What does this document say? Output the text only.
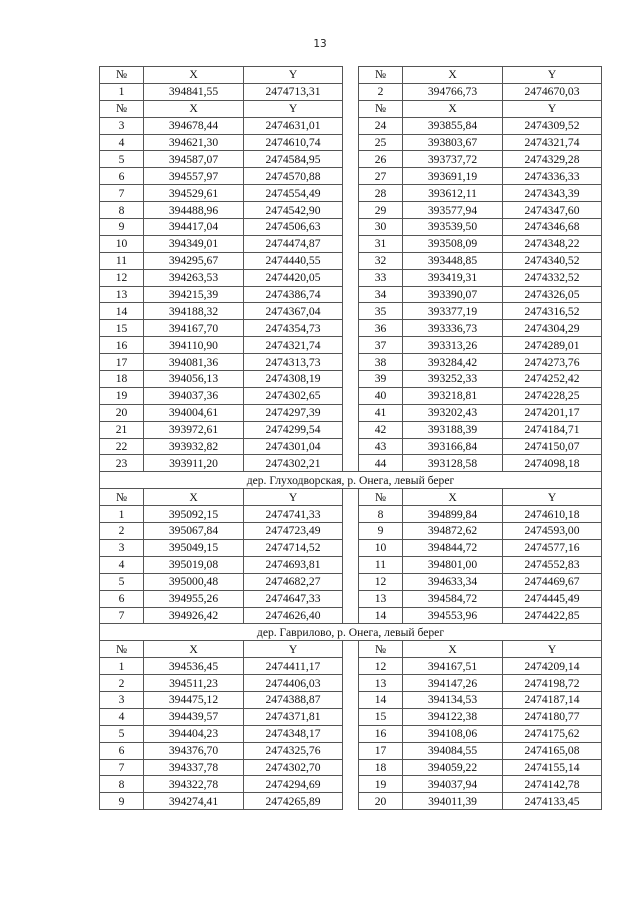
13
№	X	Y		№	X	Y
1	394841,55	2474713,31		2	394766,73	2474670,03
№	X	Y		№	X	Y
3	394678,44	2474631,01		24	393855,84	2474309,52
4	394621,30	2474610,74		25	393803,67	2474321,74
5	394587,07	2474584,95		26	393737,72	2474329,28
6	394557,97	2474570,88		27	393691,19	2474336,33
7	394529,61	2474554,49		28	393612,11	2474343,39
8	394488,96	2474542,90		29	393577,94	2474347,60
9	394417,04	2474506,63		30	393539,50	2474346,68
10	394349,01	2474474,87		31	393508,09	2474348,22
11	394295,67	2474440,55		32	393448,85	2474340,52
12	394263,53	2474420,05		33	393419,31	2474332,52
13	394215,39	2474386,74		34	393390,07	2474326,05
14	394188,32	2474367,04		35	393377,19	2474316,52
15	394167,70	2474354,73		36	393336,73	2474304,29
16	394110,90	2474321,74		37	393313,26	2474289,01
17	394081,36	2474313,73		38	393284,42	2474273,76
18	394056,13	2474308,19		39	393252,33	2474252,42
19	394037,36	2474302,65		40	393218,81	2474228,25
20	394004,61	2474297,39		41	393202,43	2474201,17
21	393972,61	2474299,54		42	393188,39	2474184,71
22	393932,82	2474301,04		43	393166,84	2474150,07
23	393911,20	2474302,21		44	393128,58	2474098,18
дер. Глуходворская, р. Онега, левый берег						
№	X	Y		№	X	Y
1	395092,15	2474741,33		8	394899,84	2474610,18
2	395067,84	2474723,49		9	394872,62	2474593,00
3	395049,15	2474714,52		10	394844,72	2474577,16
4	395019,08	2474693,81		11	394801,00	2474552,83
5	395000,48	2474682,27		12	394633,34	2474469,67
6	394955,26	2474647,33		13	394584,72	2474445,49
7	394926,42	2474626,40		14	394553,96	2474422,85
дер. Гаврилово, р. Онега, левый берег						
№	X	Y		№	X	Y
1	394536,45	2474411,17		12	394167,51	2474209,14
2	394511,23	2474406,03		13	394147,26	2474198,72
3	394475,12	2474388,87		14	394134,53	2474187,14
4	394439,57	2474371,81		15	394122,38	2474180,77
5	394404,23	2474348,17		16	394108,06	2474175,62
6	394376,70	2474325,76		17	394084,55	2474165,08
7	394337,78	2474302,70		18	394059,22	2474155,14
8	394322,78	2474294,69		19	394037,94	2474142,78
9	394274,41	2474265,89		20	394011,39	2474133,45
